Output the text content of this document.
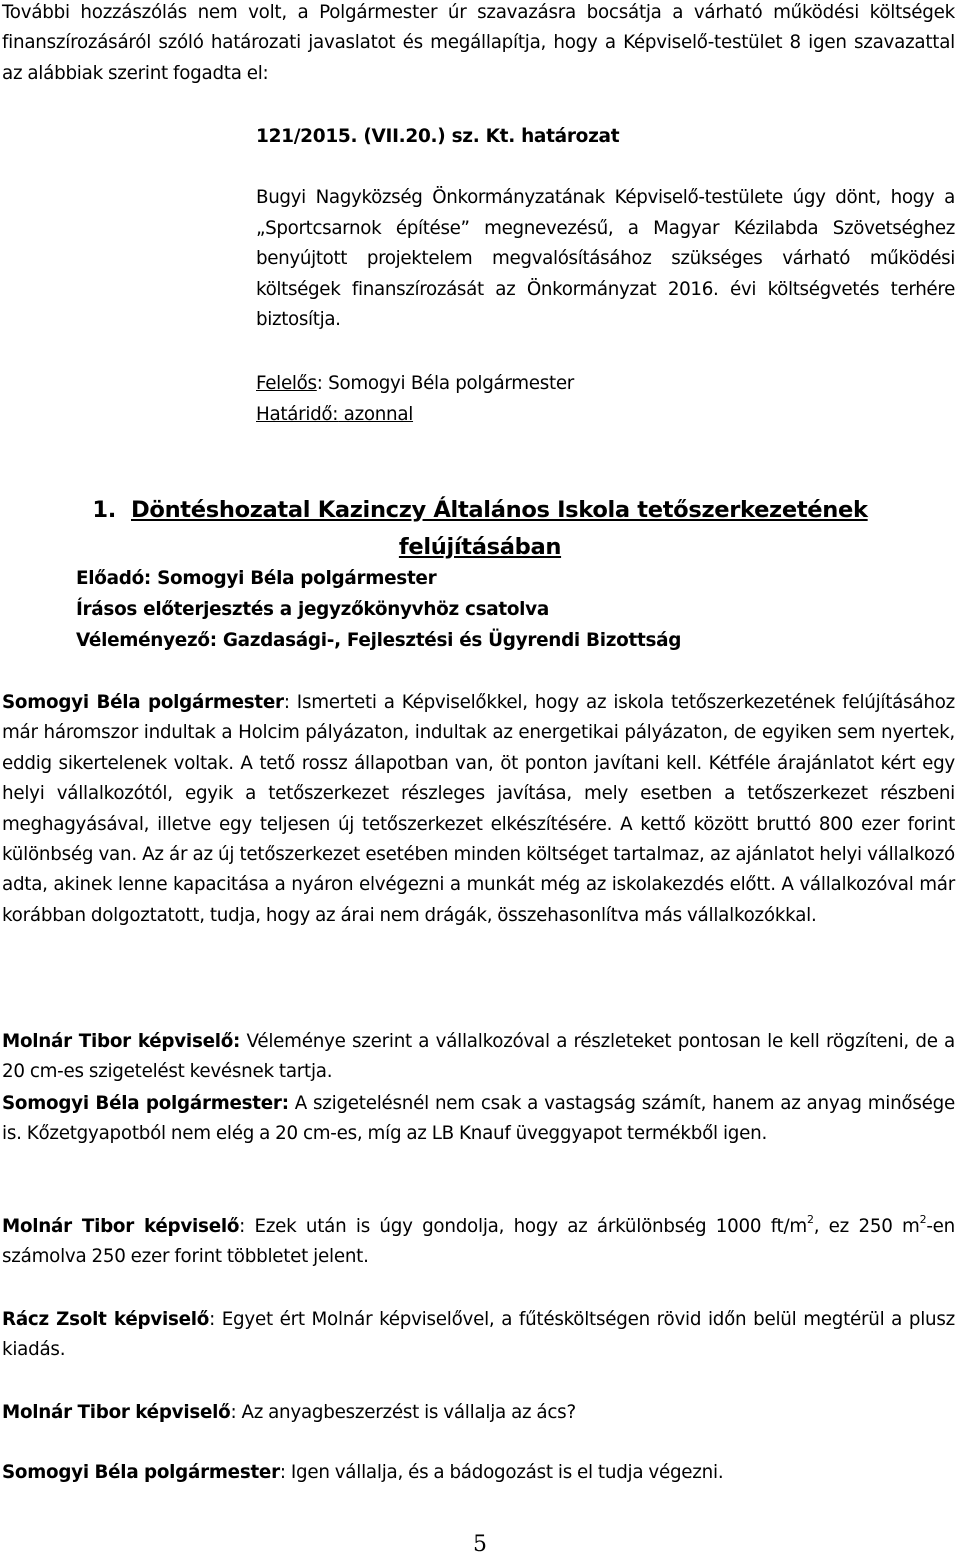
További hozzászólás nem volt, a Polgármester úr szavazásra bocsátja a várható működési költségek finanszírozásáról szóló határozati javaslatot és megállapítja, hogy a Képviselő-testület 8 igen szavazattal az alábbiak szerint fogadta el:

121/2015. (VII.20.) sz. Kt. határozat

Bugyi Nagyközség Önkormányzatának Képviselő-testülete úgy dönt, hogy a „Sportcsarnok építése” megnevezésű, a Magyar Kézilabda Szövetséghez benyújtott projektelem megvalósításához szükséges várható működési költségek finanszírozását az Önkormányzat 2016. évi költségvetés terhére biztosítja.

Felelős: Somogyi Béla polgármester
Határidő: azonnal
1. Döntéshozatal Kazinczy Általános Iskola tetőszerkezetének
felújításában
Előadó: Somogyi Béla polgármester
Írásos előterjesztés a jegyzőkönyvhöz csatolva
Véleményező: Gazdasági-, Fejlesztési és Ügyrendi Bizottság

Somogyi Béla polgármester: Ismerteti a Képviselőkkel, hogy az iskola tetőszerkezetének felújításához már háromszor indultak a Holcim pályázaton, indultak az energetikai pályázaton, de egyiken sem nyertek, eddig sikertelenek voltak. A tető rossz állapotban van, öt ponton javítani kell. Kétféle árajánlatot kért egy helyi vállalkozótól, egyik a tetőszerkezet részleges javítása, mely esetben a tetőszerkezet részbeni meghagyásával, illetve egy teljesen új tetőszerkezet elkészítésére. A kettő között bruttó 800 ezer forint különbség van. Az ár az új tetőszerkezet esetében minden költséget tartalmaz, az ajánlatot helyi vállalkozó adta, akinek lenne kapacitása a nyáron elvégezni a munkát még az iskolakezdés előtt. A vállalkozóval már korábban dolgoztatott, tudja, hogy az árai nem drágák, összehasonlítva más vállalkozókkal.

Molnár Tibor képviselő: Véleménye szerint a vállalkozóval a részleteket pontosan le kell rögzíteni, de a 20 cm-es szigetelést kevésnek tartja.

Somogyi Béla polgármester: A szigetelésnél nem csak a vastagság számít, hanem az anyag minősége is. Kőzetgyapotból nem elég a 20 cm-es, míg az LB Knauf üveggyapot termékből igen.

Molnár Tibor képviselő: Ezek után is úgy gondolja, hogy az árkülönbség 1000 $ft/m^2$, ez 250 $m^2-en$ számolva 250 ezer forint többletet jelent.

Rácz Zsolt képviselő: Egyet ért Molnár képviselővel, a fűtésköltségen rövid időn belül megtérül a plusz kiadás.

Molnár Tibor képviselő: Az anyagbeszerzést is vállalja az ács?

Somogyi Béla polgármester: Igen vállalja, és a bádogozást is el tudja végezni.

5
